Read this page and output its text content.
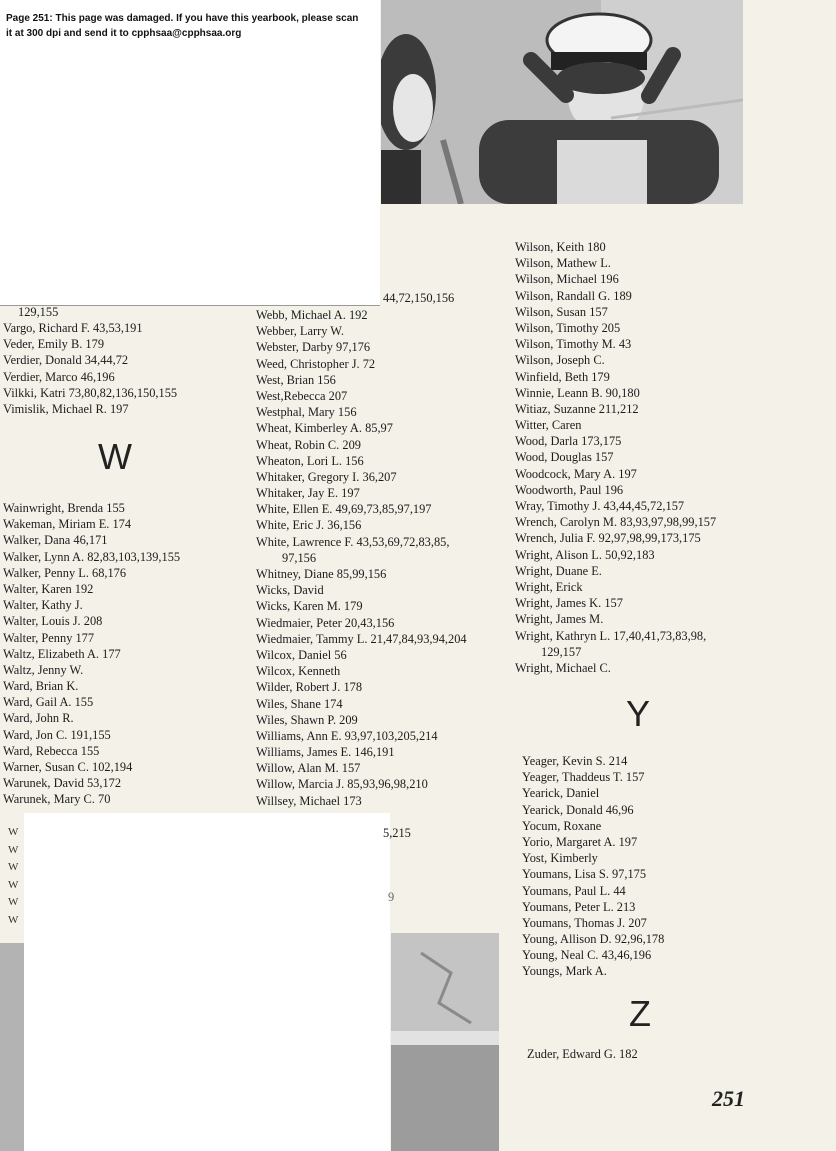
Page 251: This page was damaged. If you have this yearbook, please scan
it at 300 dpi and send it to cpphsaa@cpphsaa.org
44,72,150,156
129,155
Vargo, Richard F. 43,53,191
Veder, Emily B. 179
Verdier, Donald 34,44,72
Verdier, Marco 46,196
Vilkki, Katri 73,80,82,136,150,155
Vimislik, Michael R. 197
W
Wainwright, Brenda 155
Wakeman, Miriam E. 174
Walker, Dana 46,171
Walker, Lynn A. 82,83,103,139,155
Walker, Penny L. 68,176
Walter, Karen 192
Walter, Kathy J.
Walter, Louis J. 208
Walter, Penny 177
Waltz, Elizabeth A. 177
Waltz, Jenny W.
Ward, Brian K.
Ward, Gail A. 155
Ward, John R.
Ward, Jon C. 191,155
Ward, Rebecca 155
Warner, Susan C. 102,194
Warunek, David 53,172
Warunek, Mary C. 70
Webb, Michael A. 192
Webber, Larry W.
Webster, Darby 97,176
Weed, Christopher J. 72
West, Brian 156
West,Rebecca 207
Westphal, Mary 156
Wheat, Kimberley A. 85,97
Wheat, Robin C. 209
Wheaton, Lori L. 156
Whitaker, Gregory I. 36,207
Whitaker, Jay E. 197
White, Ellen E. 49,69,73,85,97,197
White, Eric J. 36,156
White, Lawrence F. 43,53,69,72,83,85,
97,156
Whitney, Diane 85,99,156
Wicks, David
Wicks, Karen M. 179
Wiedmaier, Peter 20,43,156
Wiedmaier, Tammy L. 21,47,84,93,94,204
Wilcox, Daniel 56
Wilcox, Kenneth
Wilder, Robert J. 178
Wiles, Shane 174
Wiles, Shawn P. 209
Williams, Ann E. 93,97,103,205,214
Williams, James E. 146,191
Willow, Alan M. 157
Willow, Marcia J. 85,93,96,98,210
Willsey, Michael 173
Wilson, Keith 180
Wilson, Mathew L.
Wilson, Michael 196
Wilson, Randall G. 189
Wilson, Susan 157
Wilson, Timothy 205
Wilson, Timothy M. 43
Wilson, Joseph C.
Winfield, Beth 179
Winnie, Leann B. 90,180
Witiaz, Suzanne 211,212
Witter, Caren
Wood, Darla 173,175
Wood, Douglas 157
Woodcock, Mary A. 197
Woodworth, Paul 196
Wray, Timothy J. 43,44,45,72,157
Wrench, Carolyn M. 83,93,97,98,99,157
Wrench, Julia F. 92,97,98,99,173,175
Wright, Alison L. 50,92,183
Wright, Duane E.
Wright, Erick
Wright, James K. 157
Wright, James M.
Wright, Kathryn L. 17,40,41,73,83,98,
129,157
Wright, Michael C.
Y
Yeager, Kevin S. 214
Yeager, Thaddeus T. 157
Yearick, Daniel
Yearick, Donald 46,96
Yocum, Roxane
Yorio, Margaret A. 197
Yost, Kimberly
Youmans, Lisa S. 97,175
Youmans, Paul L. 44
Youmans, Peter L. 213
Youmans, Thomas J. 207
Young, Allison D. 92,96,178
Young, Neal C. 43,46,196
Youngs, Mark A.
Z
Zuder, Edward G. 182
W
W
W
W
W
W
5,215
9
251
